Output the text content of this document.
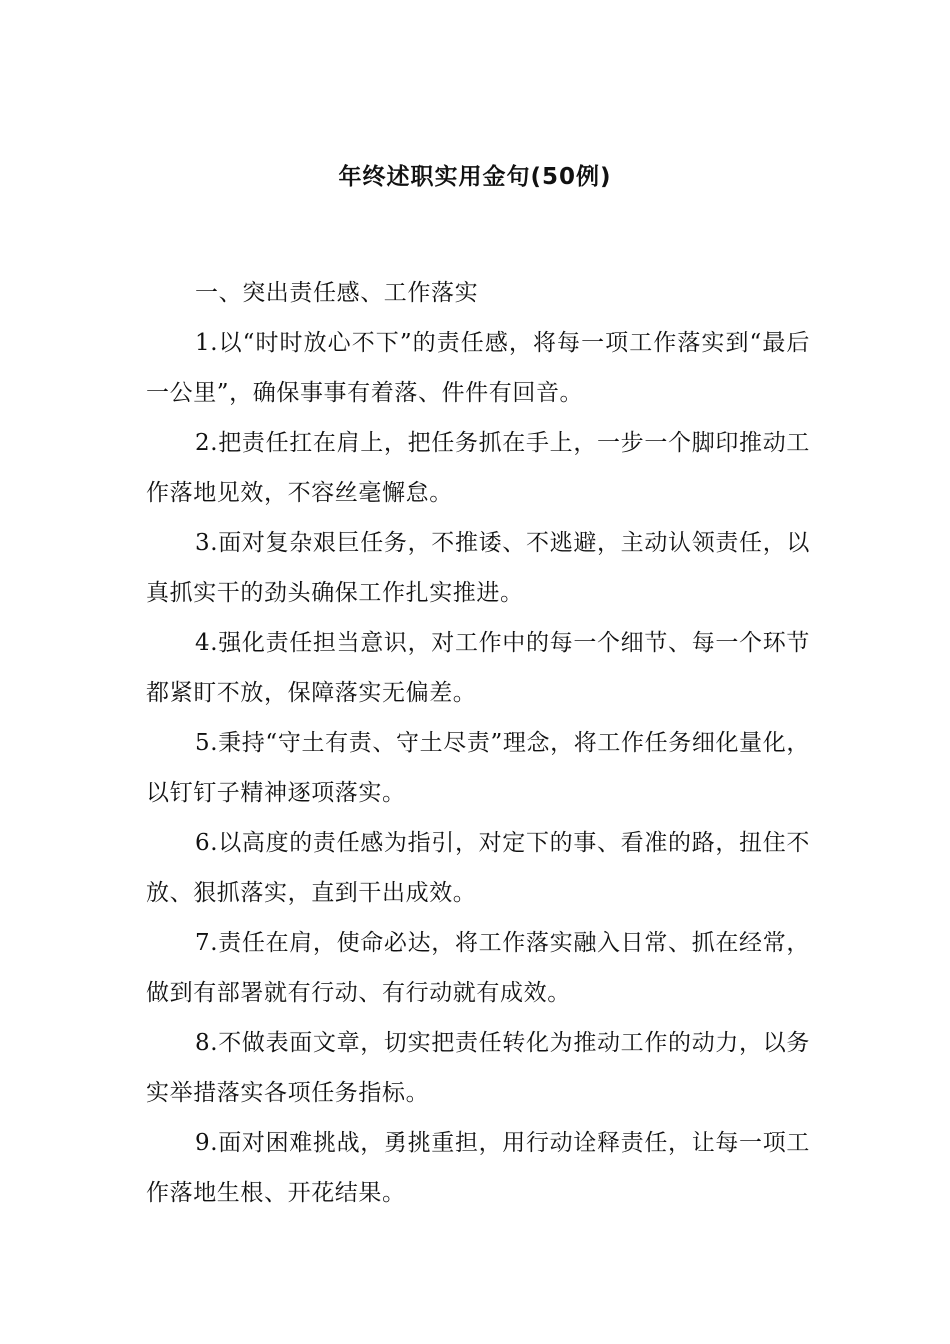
年终述职实用金句(50例)

一、突出责任感、工作落实

1.以“时时放心不下”的责任感，将每一项工作落实到“最后一公里”，确保事事有着落、件件有回音。

2.把责任扛在肩上，把任务抓在手上，一步一个脚印推动工作落地见效，不容丝毫懈怠。

3.面对复杂艰巨任务，不推诿、不逃避，主动认领责任，以真抓实干的劲头确保工作扎实推进。

4.强化责任担当意识，对工作中的每一个细节、每一个环节都紧盯不放，保障落实无偏差。

5.秉持“守土有责、守土尽责”理念，将工作任务细化量化，以钉钉子精神逐项落实。

6.以高度的责任感为指引，对定下的事、看准的路，扭住不放、狠抓落实，直到干出成效。

7.责任在肩，使命必达，将工作落实融入日常、抓在经常，做到有部署就有行动、有行动就有成效。

8.不做表面文章，切实把责任转化为推动工作的动力，以务实举措落实各项任务指标。

9.面对困难挑战，勇挑重担，用行动诠释责任，让每一项工作落地生根、开花结果。
